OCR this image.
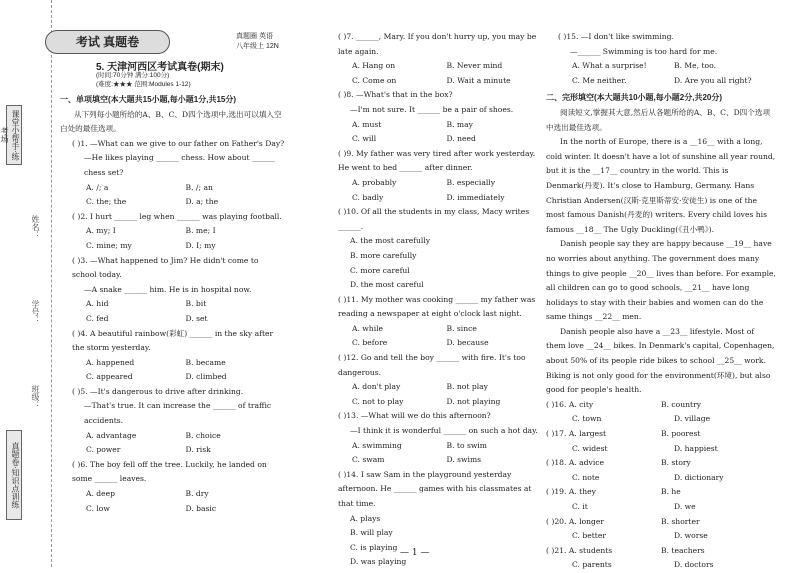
课堂小帮手·练考场
姓名：
学号：
班级：
真题卷·知识点训练
考试 真题卷	真题圈 英语
八年级上 12N
5. 天津河西区考试真卷(期末)
(时间:70分钟 满分:100分)
(难度:★★★ 范围:Modules 1-12)
一、单项填空(本大题共15小题,每小题1分,共15分)
从下列每小题所给的A、B、C、D四个选项中,选出可以填入空白处的最佳选项。
( )1. —What can we give to our father on Father's Day?
—He likes playing ______ chess. How about ______ chess set?
A. /; a	B. /; an
C. the; the	D. a; the
( )2. I hurt ______ leg when ______ was playing football.
A. my; I	B. me; I
C. mine; my	D. I; my
( )3. —What happened to Jim? He didn't come to school today.
—A snake ______ him. He is in hospital now.
A. hid	B. bit
C. fed	D. set
( )4. A beautiful rainbow(彩虹) ______ in the sky after the storm yesterday.
A. happened	B. became
C. appeared	D. climbed
( )5. —It's dangerous to drive after drinking.
—That's true. It can increase the ______ of traffic accidents.
A. advantage	B. choice
C. power	D. risk
( )6. The boy fell off the tree. Luckily, he landed on some ______ leaves.
A. deep	B. dry
C. low	D. basic
( )7. ______, Mary. If you don't hurry up, you may be late again.
A. Hang on	B. Never mind
C. Come on	D. Wait a minute
( )8. —What's that in the box?
—I'm not sure. It ______ be a pair of shoes.
A. must	B. may
C. will	D. need
( )9. My father was very tired after work yesterday. He went to bed ______ after dinner.
A. probably	B. especially
C. badly	D. immediately
( )10. Of all the students in my class, Macy writes ______.
A. the most carefully
B. more carefully
C. more careful
D. the most careful
( )11. My mother was cooking ______ my father was reading a newspaper at eight o'clock last night.
A. while	B. since
C. before	D. because
( )12. Go and tell the boy ______ with fire. It's too dangerous.
A. don't play	B. not play
C. not to play	D. not playing
( )13. —What will we do this afternoon?
—I think it is wonderful ______ on such a hot day.
A. swimming	B. to swim
C. swam	D. swims
( )14. I saw Sam in the playground yesterday afternoon. He ______ games with his classmates at that time.
A. plays
B. will play
C. is playing
D. was playing
( )15. —I don't like swimming.
—______ Swimming is too hard for me.
A. What a surprise!	B. Me, too.
C. Me neither.	D. Are you all right?
二、完形填空(本大题共10小题,每小题2分,共20分)
阅读短文,掌握其大意,然后从各题所给的A、B、C、D四个选项中选出最佳选项。
In the north of Europe, there is a __16__ with a long, cold winter. It doesn't have a lot of sunshine all year round, but it is the __17__ country in the world. This is Denmark(丹麦). It's close to Hamburg, Germany. Hans Christian Andersen(汉斯·克里斯蒂安·安徒生) is one of the most famous Danish(丹麦的) writers. Every child loves his famous __18__ The Ugly Duckling(《丑小鸭》).
Danish people say they are happy because __19__ have no worries about anything. The government does many things to give people __20__ lives than before. For example, all children can go to good schools, __21__ have long holidays to stay with their babies and women can do the same things __22__ men.
Danish people also have a __23__ lifestyle. Most of them love __24__ bikes. In Denmark's capital, Copenhagen, about 50% of its people ride bikes to school __25__ work. Biking is not only good for the environment(环境), but also good for people's health.
( )16. A. city	B. country
C. town	D. village
( )17. A. largest	B. poorest
C. widest	D. happiest
( )18. A. advice	B. story
C. note	D. dictionary
( )19. A. they	B. he
C. it	D. we
( )20. A. longer	B. shorter
C. better	D. worse
( )21. A. students	B. teachers
C. parents	D. doctors
— 1 —
